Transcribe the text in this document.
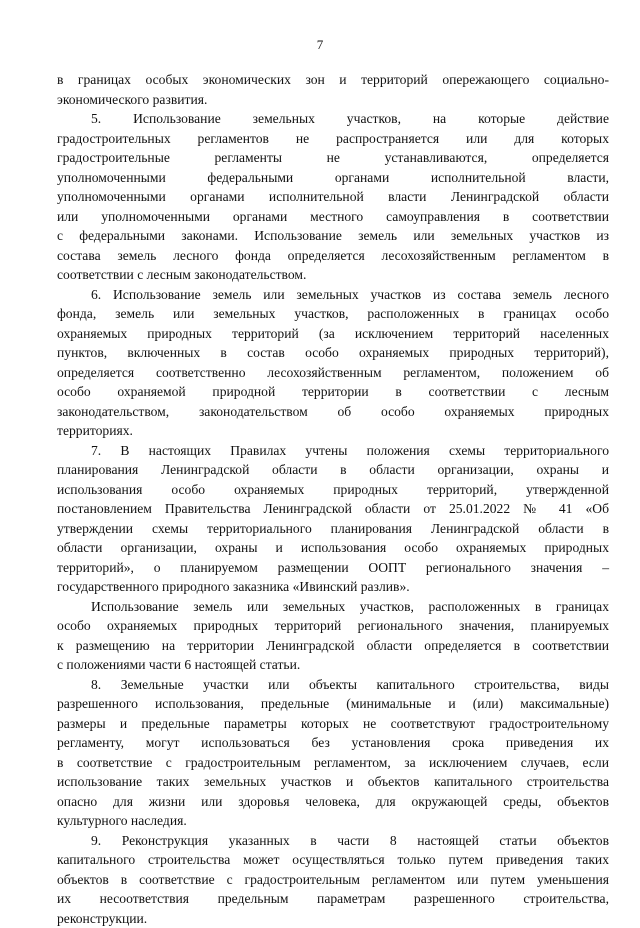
7
в границах особых экономических зон и территорий опережающего социально-
экономического развития.
5. Использование земельных участков, на которые действие
градостроительных регламентов не распространяется или для которых
градостроительные регламенты не устанавливаются, определяется
уполномоченными федеральными органами исполнительной власти,
уполномоченными органами исполнительной власти Ленинградской области
или уполномоченными органами местного самоуправления в соответствии
с федеральными законами. Использование земель или земельных участков из
состава земель лесного фонда определяется лесохозяйственным регламентом в
соответствии с лесным законодательством.
6. Использование земель или земельных участков из состава земель лесного
фонда, земель или земельных участков, расположенных в границах особо
охраняемых природных территорий (за исключением территорий населенных
пунктов, включенных в состав особо охраняемых природных территорий),
определяется соответственно лесохозяйственным регламентом, положением об
особо охраняемой природной территории в соответствии с лесным
законодательством, законодательством об особо охраняемых природных
территориях.
7. В настоящих Правилах учтены положения схемы территориального
планирования Ленинградской области в области организации, охраны и
использования особо охраняемых природных территорий, утвержденной
постановлением Правительства Ленинградской области от 25.01.2022 № 41 «Об
утверждении схемы территориального планирования Ленинградской области в
области организации, охраны и использования особо охраняемых природных
территорий», о планируемом размещении ООПТ регионального значения –
государственного природного заказника «Ивинский разлив».
Использование земель или земельных участков, расположенных в границах
особо охраняемых природных территорий регионального значения, планируемых
к размещению на территории Ленинградской области определяется в соответствии
с положениями части 6 настоящей статьи.
8. Земельные участки или объекты капитального строительства, виды
разрешенного использования, предельные (минимальные и (или) максимальные)
размеры и предельные параметры которых не соответствуют градостроительному
регламенту, могут использоваться без установления срока приведения их
в соответствие с градостроительным регламентом, за исключением случаев, если
использование таких земельных участков и объектов капитального строительства
опасно для жизни или здоровья человека, для окружающей среды, объектов
культурного наследия.
9. Реконструкция указанных в части 8 настоящей статьи объектов
капитального строительства может осуществляться только путем приведения таких
объектов в соответствие с градостроительным регламентом или путем уменьшения
их несоответствия предельным параметрам разрешенного строительства,
реконструкции.
